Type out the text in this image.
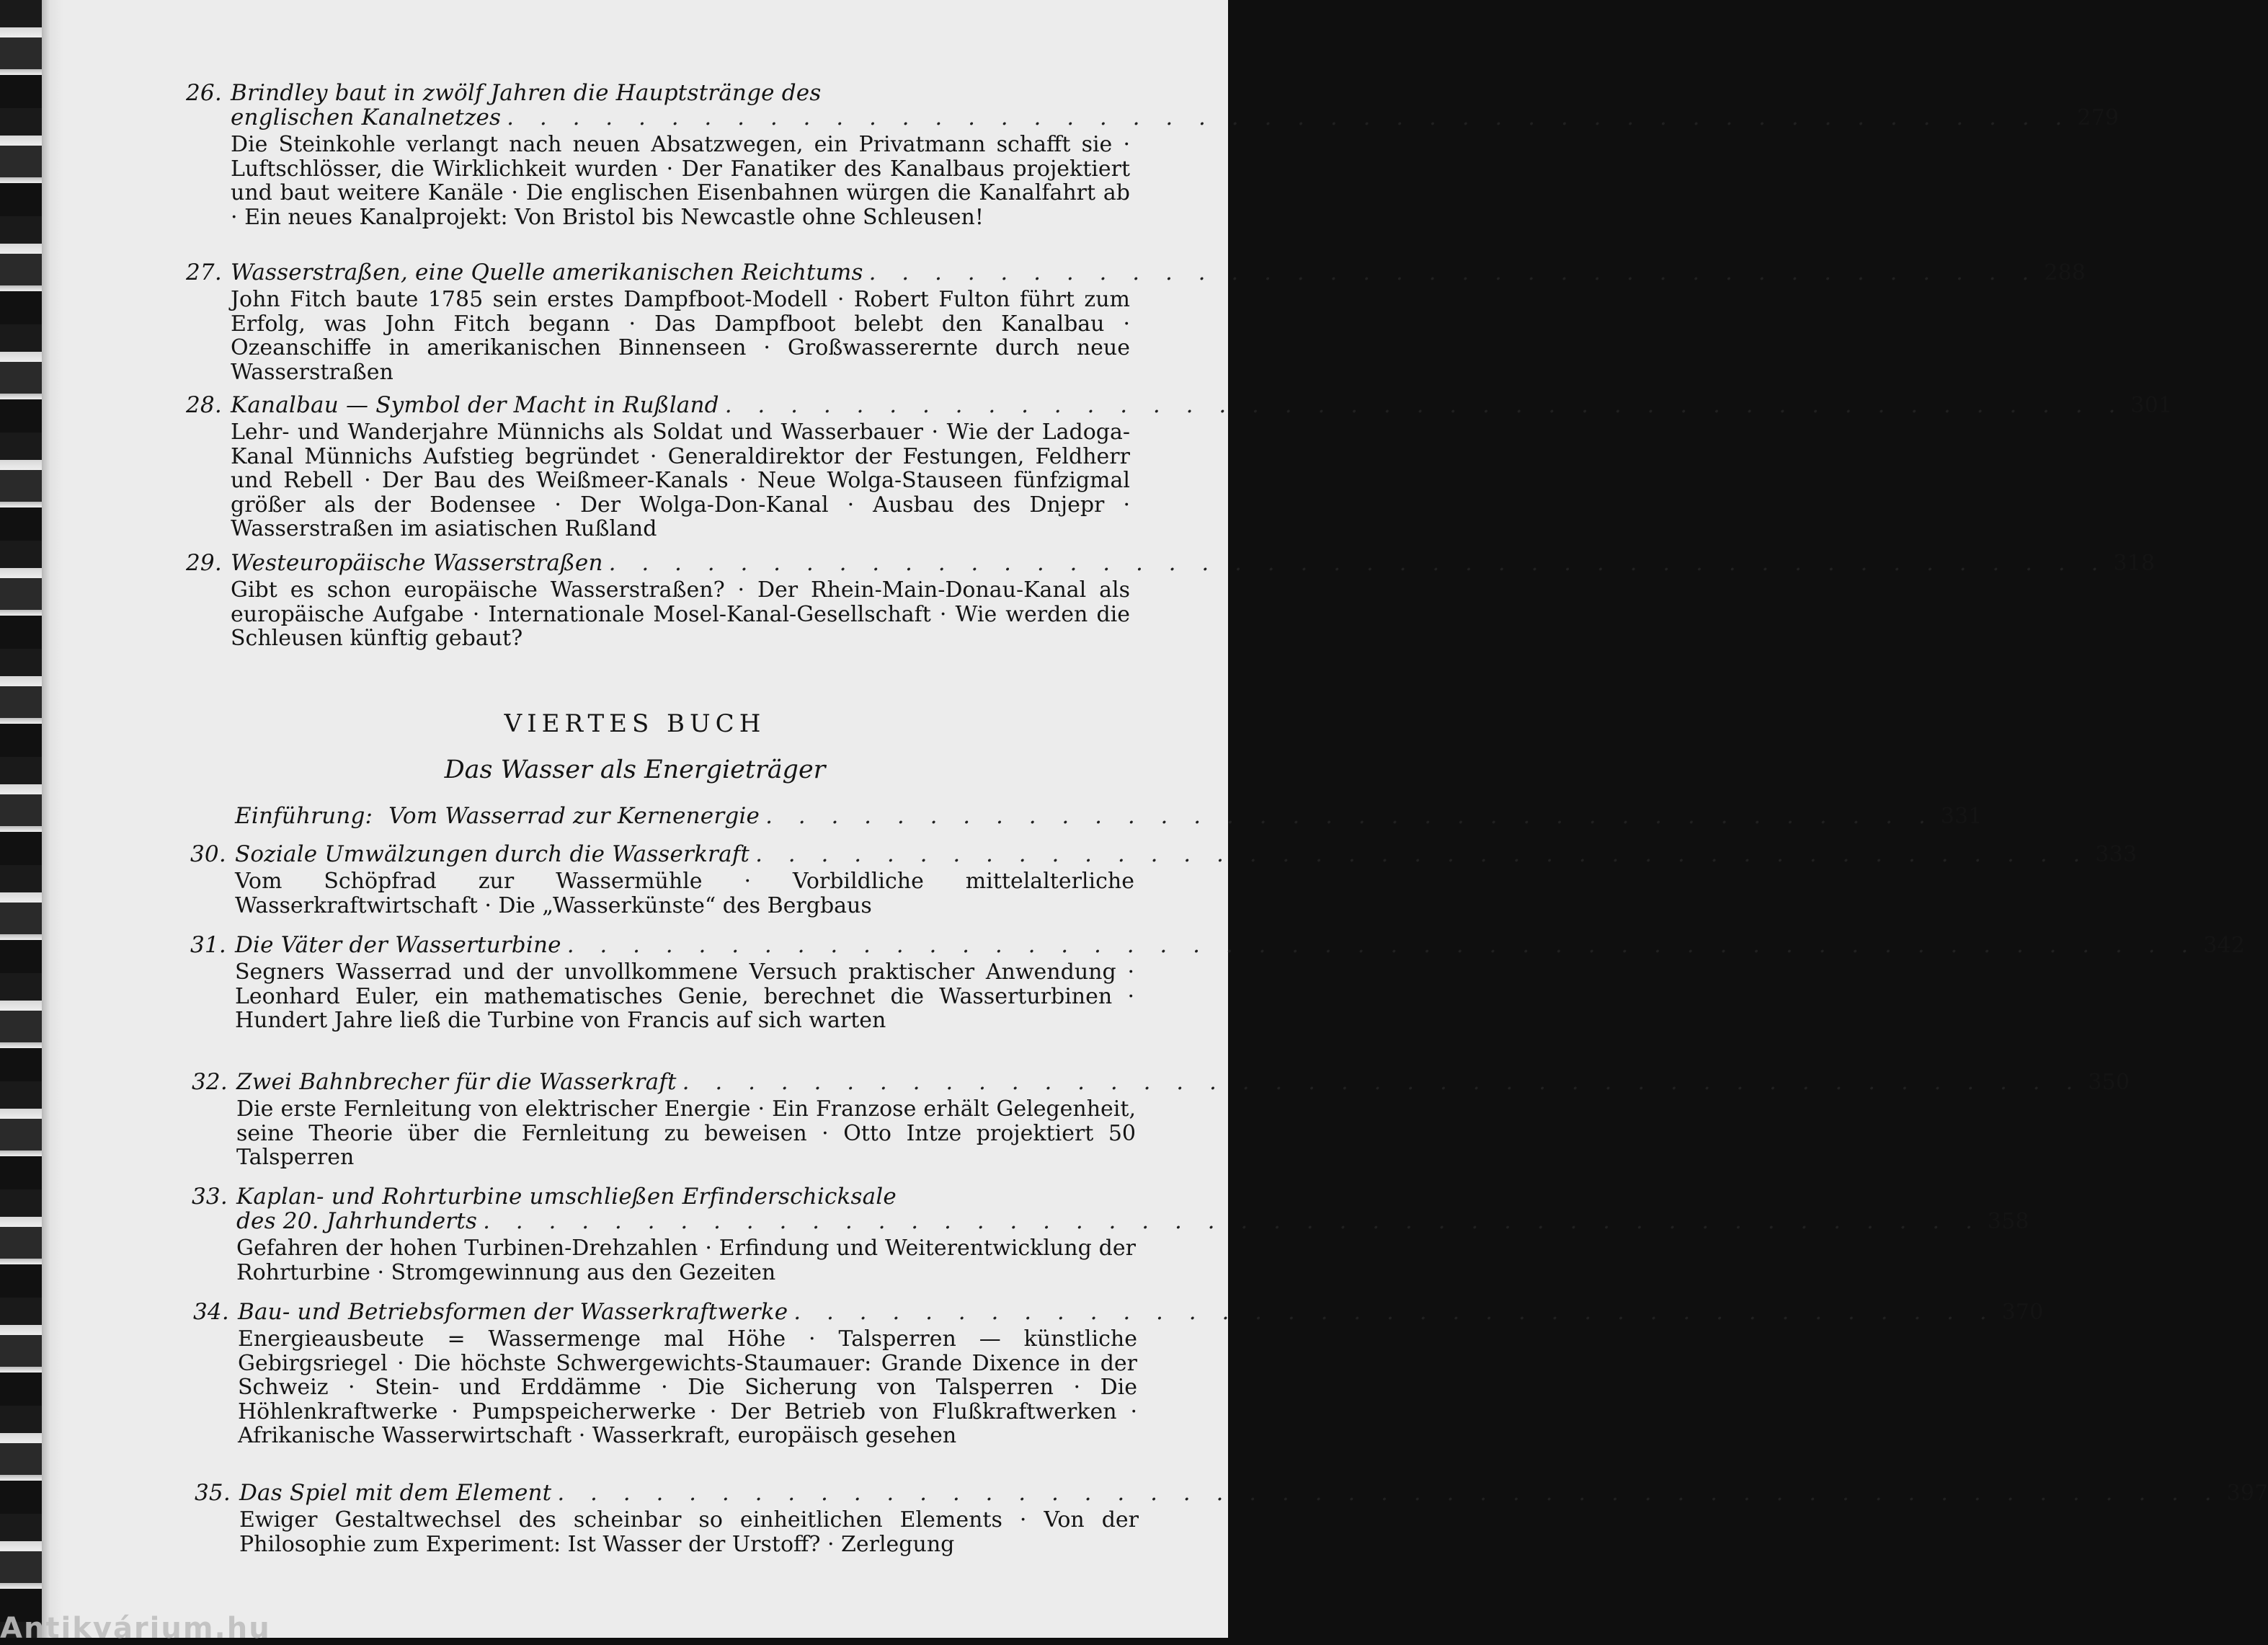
26. Brindley baut in zwölf Jahren die Hauptstränge des
englischen Kanalnetzes . . . . . . . . . . . . . . . . . . . . . . . . . . . . . . . . . . . . . . . . . . . . . . . . 279
Die Steinkohle verlangt nach neuen Absatzwegen, ein Privatmann schafft sie · Luftschlösser, die Wirklichkeit wurden · Der Fanatiker des Kanalbaus projektiert und baut weitere Kanäle · Die englischen Eisenbahnen würgen die Kanalfahrt ab · Ein neues Kanalprojekt: Von Bristol bis Newcastle ohne Schleusen!
27. Wasserstraßen, eine Quelle amerikanischen Reichtums . . . . . . . . . . . . . . . . . . . . . . . . . . . . . . . . . . . . 288
John Fitch baute 1785 sein erstes Dampfboot-Modell · Robert Fulton führt zum Erfolg, was John Fitch begann · Das Dampfboot belebt den Kanalbau · Ozeanschiffe in amerikanischen Binnenseen · Großwasserernte durch neue Wasserstraßen
28. Kanalbau — Symbol der Macht in Rußland . . . . . . . . . . . . . . . . . . . . . . . . . . . . . . . . . . . . . . . . . . . 301
Lehr- und Wanderjahre Münnichs als Soldat und Wasserbauer · Wie der Ladoga-Kanal Münnichs Aufstieg begründet · Generaldirektor der Festungen, Feldherr und Rebell · Der Bau des Weißmeer-Kanals · Neue Wolga-Stauseen fünfzigmal größer als der Bodensee · Der Wolga-Don-Kanal · Ausbau des Dnjepr · Wasserstraßen im asiatischen Rußland
29. Westeuropäische Wasserstraßen . . . . . . . . . . . . . . . . . . . . . . . . . . . . . . . . . . . . . . . . . . . . . . 318
Gibt es schon europäische Wasserstraßen? · Der Rhein-Main-Donau-Kanal als europäische Aufgabe · Internationale Mosel-Kanal-Gesellschaft · Wie werden die Schleusen künftig gebaut?
VIERTES BUCH
Das Wasser als Energieträger
Einführung: Vom Wasserrad zur Kernenergie . . . . . . . . . . . . . . . . . . . . . . . . . . . . . . . . . . . . 331
30. Soziale Umwälzungen durch die Wasserkraft . . . . . . . . . . . . . . . . . . . . . . . . . . . . . . . . . . . . . . . . . 333
Vom Schöpfrad zur Wassermühle · Vorbildliche mittelalterliche Wasserkraftwirtschaft · Die „Wasserkünste“ des Bergbaus
31. Die Väter der Wasserturbine . . . . . . . . . . . . . . . . . . . . . . . . . . . . . . . . . . . . . . . . . . . . . . . . . . 342
Segners Wasserrad und der unvollkommene Versuch praktischer Anwendung · Leonhard Euler, ein mathematisches Genie, berechnet die Wasserturbinen · Hundert Jahre ließ die Turbine von Francis auf sich warten
32. Zwei Bahnbrecher für die Wasserkraft . . . . . . . . . . . . . . . . . . . . . . . . . . . . . . . . . . . . . . . . . . . 350
Die erste Fernleitung von elektrischer Energie · Ein Franzose erhält Gelegenheit, seine Theorie über die Fernleitung zu beweisen · Otto Intze projektiert 50 Talsperren
33. Kaplan- und Rohrturbine umschließen Erfinderschicksale
des 20. Jahrhunderts . . . . . . . . . . . . . . . . . . . . . . . . . . . . . . . . . . . . . . . . . . . . . . 358
Gefahren der hohen Turbinen-Drehzahlen · Erfindung und Weiterentwicklung der Rohrturbine · Stromgewinnung aus den Gezeiten
34. Bau- und Betriebsformen der Wasserkraftwerke . . . . . . . . . . . . . . . . . . . . . . . . . . . . . . . . . . . . . 370
Energieausbeute = Wassermenge mal Höhe · Talsperren — künstliche Gebirgsriegel · Die höchste Schwergewichts-Staumauer: Grande Dixence in der Schweiz · Stein- und Erddämme · Die Sicherung von Talsperren · Die Höhlenkraftwerke · Pumpspeicherwerke · Der Betrieb von Flußkraftwerken · Afrikanische Wasserwirtschaft · Wasserkraft, europäisch gesehen
35. Das Spiel mit dem Element . . . . . . . . . . . . . . . . . . . . . . . . . . . . . . . . . . . . . . . . . . . . . . . . . . . 397
Ewiger Gestaltwechsel des scheinbar so einheitlichen Elements · Von der Philosophie zum Experiment: Ist Wasser der Urstoff? · Zerlegung
Antikvárium.hu
